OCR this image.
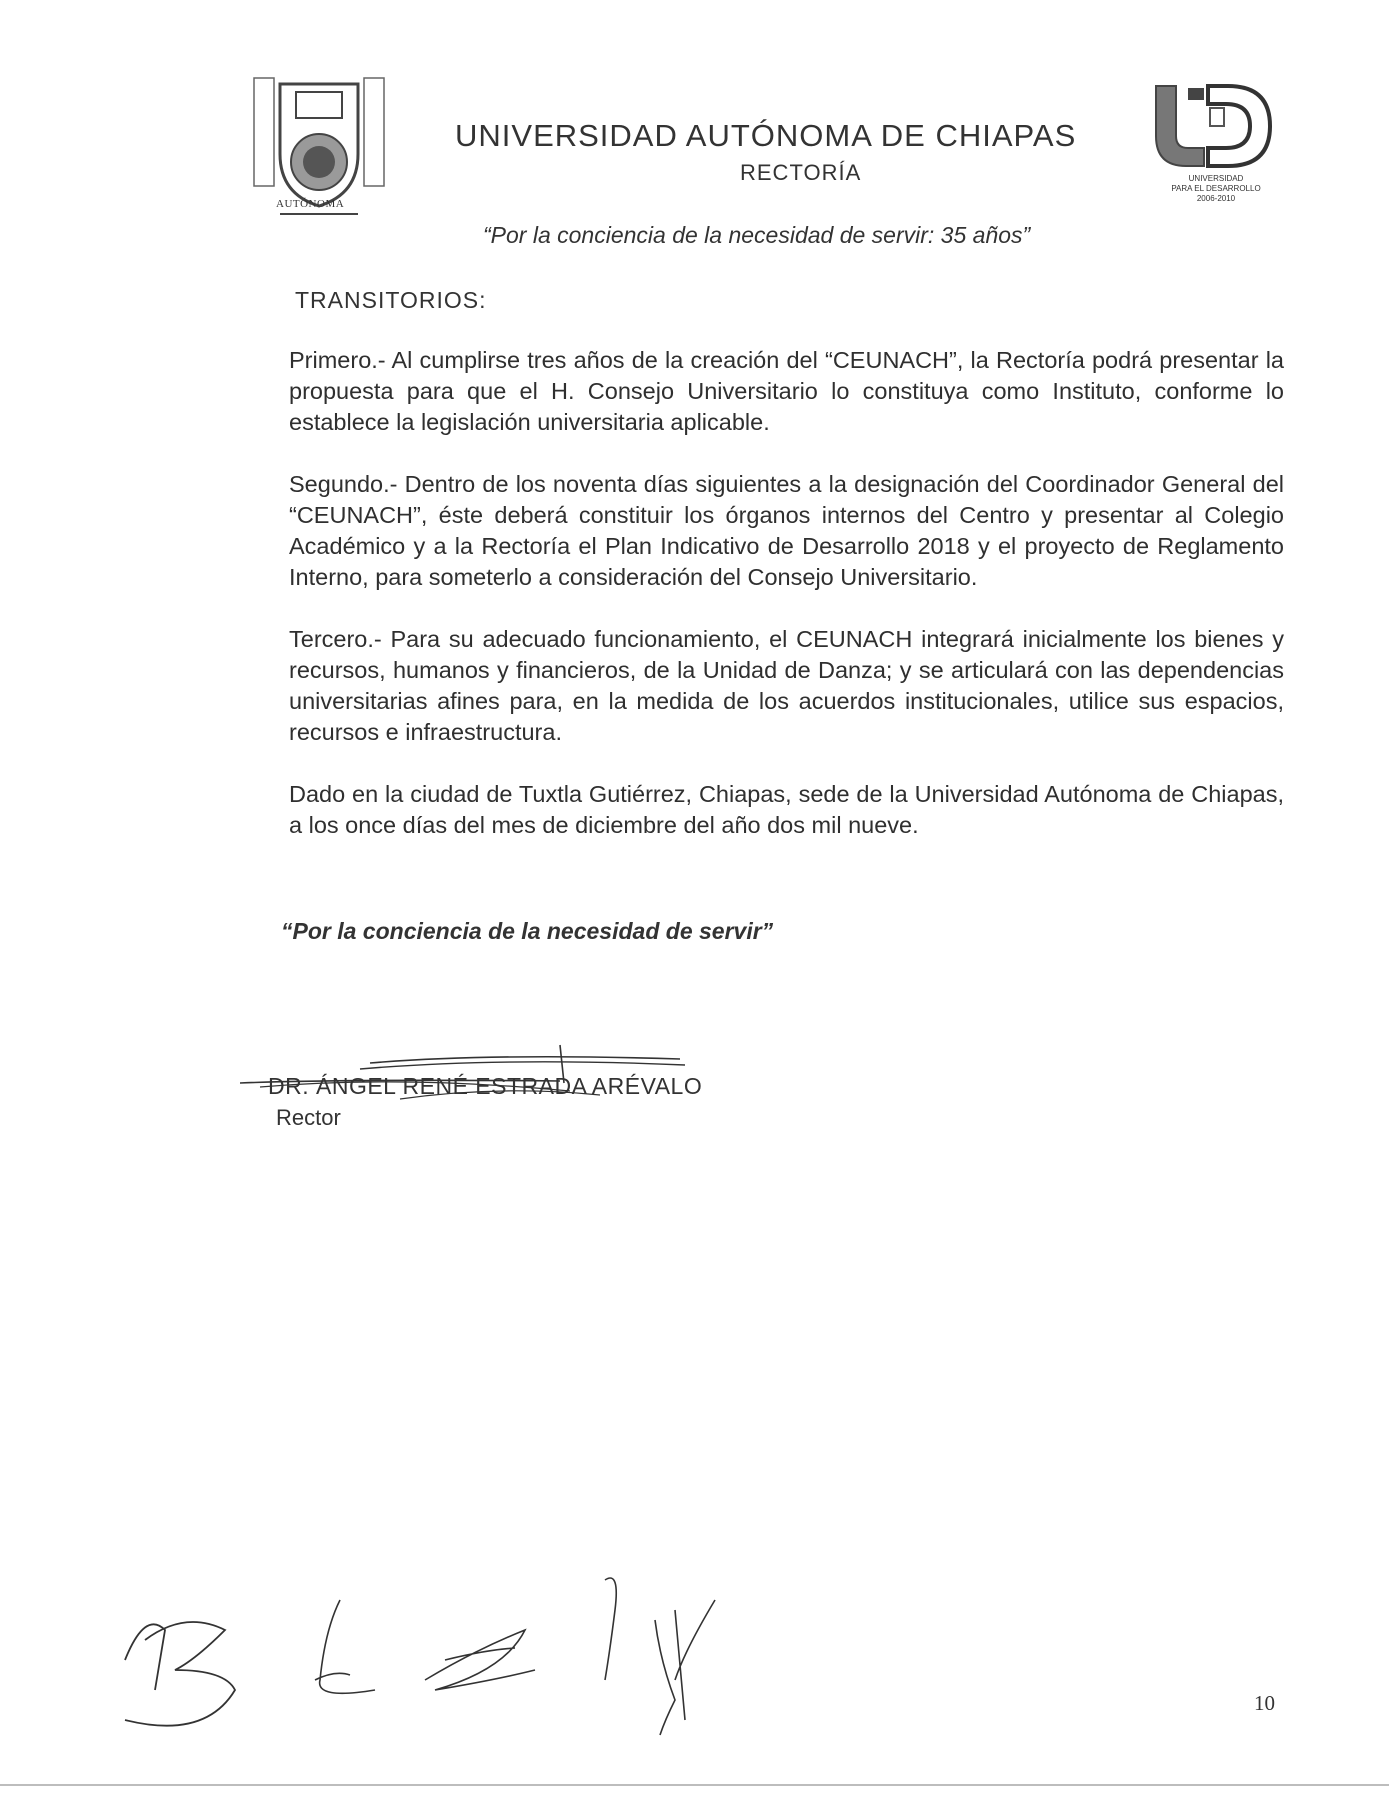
AUTÓNOMA
UNIVERSIDAD AUTÓNOMA DE CHIAPAS
RECTORÍA	UNIVERSIDAD
PARA EL DESARROLLO
2006-2010
“Por la conciencia de la necesidad de servir: 35 años”
TRANSITORIOS:

Primero.- Al cumplirse tres años de la creación del “CEUNACH”, la Rectoría podrá presentar la propuesta para que el H. Consejo Universitario lo constituya como Instituto, conforme lo establece la legislación universitaria aplicable.

Segundo.- Dentro de los noventa días siguientes a la designación del Coordinador General del “CEUNACH”, éste deberá constituir los órganos internos del Centro y presentar al Colegio Académico y a la Rectoría el Plan Indicativo de Desarrollo 2018 y el proyecto de Reglamento Interno, para someterlo a consideración del Consejo Universitario.

Tercero.- Para su adecuado funcionamiento, el CEUNACH integrará inicialmente los bienes y recursos, humanos y financieros, de la Unidad de Danza; y se articulará con las dependencias universitarias afines para, en la medida de los acuerdos institucionales, utilice sus espacios, recursos e infraestructura.

Dado en la ciudad de Tuxtla Gutiérrez, Chiapas, sede de la Universidad Autónoma de Chiapas, a los once días del mes de diciembre del año dos mil nueve.

“Por la conciencia de la necesidad de servir”
DR. ÁNGEL RENÉ ESTRADA ARÉVALO
Rector
10
